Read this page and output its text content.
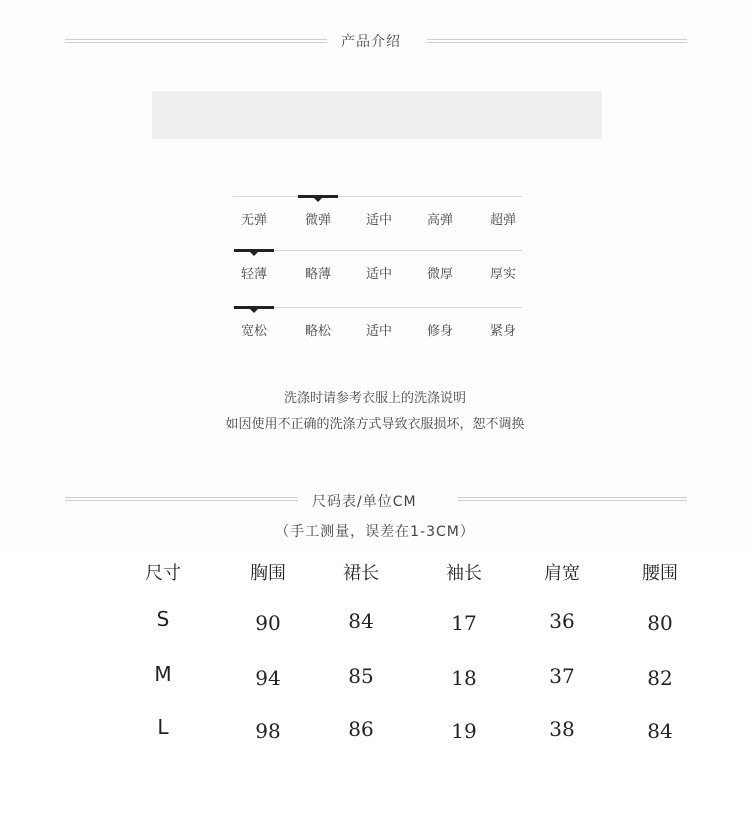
产品介绍
无弹	微弹	适中	高弹	超弹
轻薄	略薄	适中	微厚	厚实
宽松	略松	适中	修身	紧身
洗涤时请参考衣服上的洗涤说明
如因使用不正确的洗涤方式导致衣服损坏，恕不调换
尺码表/单位CM
（手工测量，误差在1-3CM）
尺寸	胸围	裙长	袖长	肩宽	腰围
S	90	84	17	36	80
M	94	85	18	37	82
L	98	86	19	38	84
